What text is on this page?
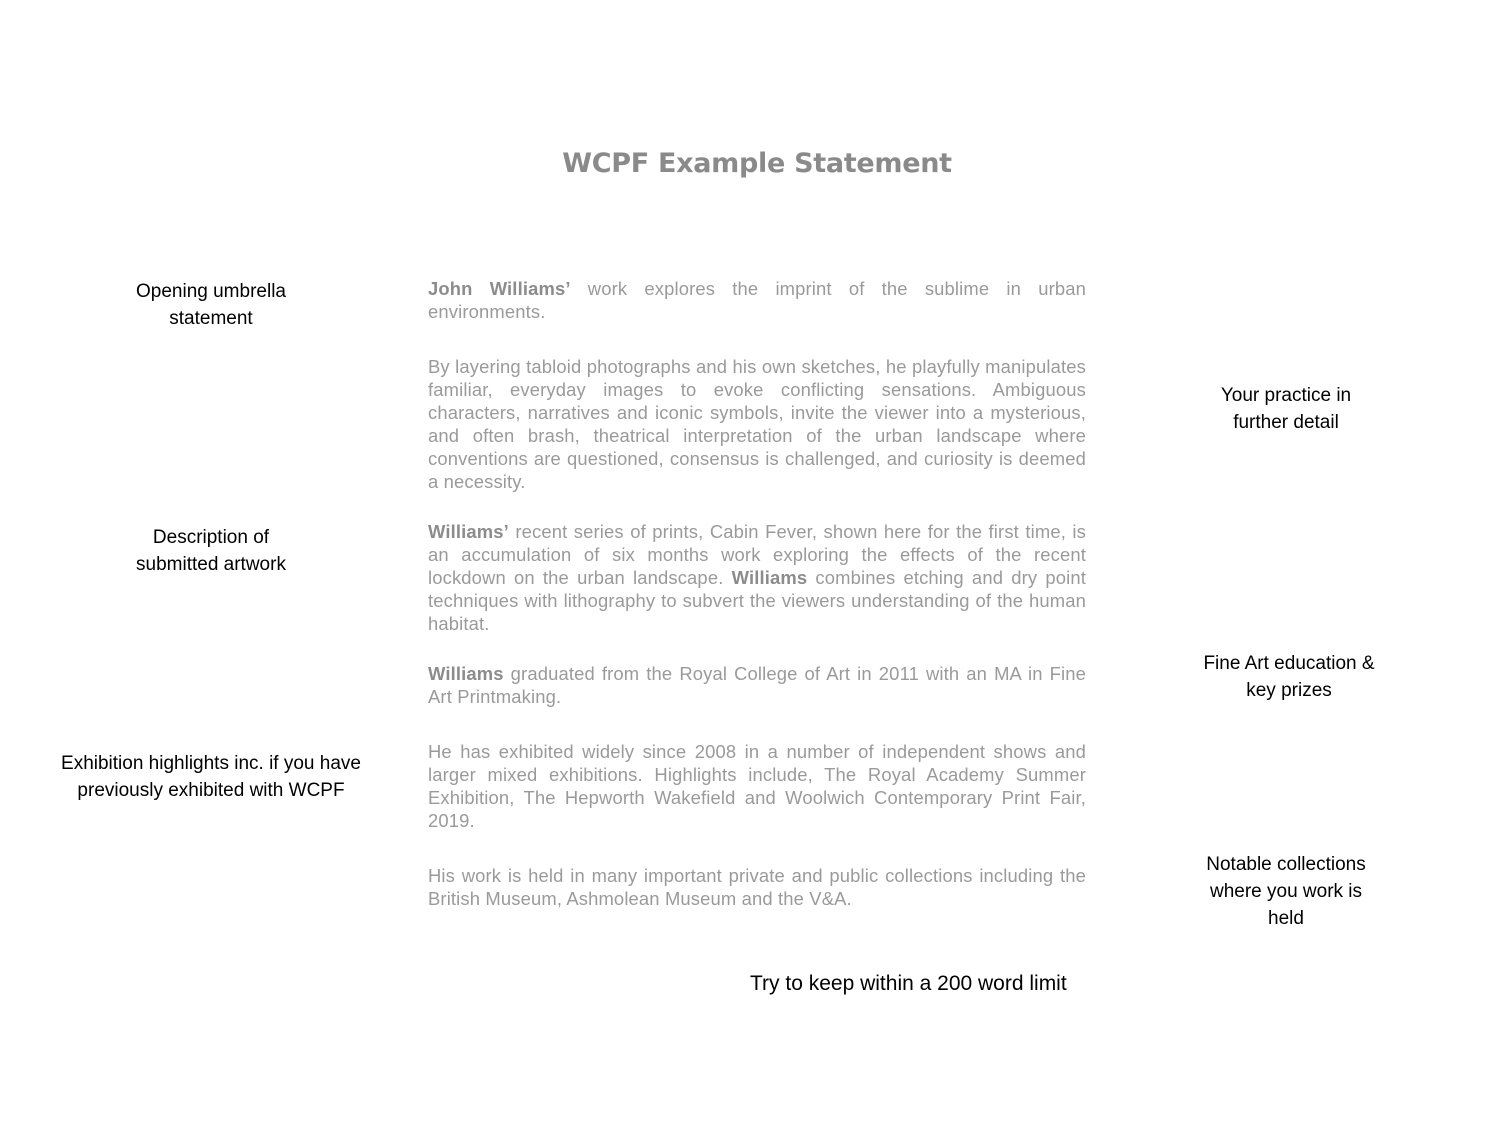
WCPF Example Statement
John Williams’ work explores the imprint of the sublime in urban environments.
By layering tabloid photographs and his own sketches, he playfully manipulates familiar, everyday images to evoke conflicting sensations. Ambiguous characters, narratives and iconic symbols, invite the viewer into a mysterious, and often brash, theatrical interpretation of the urban landscape where conventions are questioned, consensus is challenged, and curiosity is deemed a necessity.
Williams’ recent series of prints, Cabin Fever, shown here for the first time, is an accumulation of six months work exploring the effects of the recent lockdown on the urban landscape. Williams combines etching and dry point techniques with lithography to subvert the viewers understanding of the human habitat.
Williams graduated from the Royal College of Art in 2011 with an MA in Fine Art Printmaking.
He has exhibited widely since 2008 in a number of independent shows and larger mixed exhibitions. Highlights include, The Royal Academy Summer Exhibition, The Hepworth Wakefield and Woolwich Contemporary Print Fair, 2019.
His work is held in many important private and public collections including the British Museum, Ashmolean Museum and the V&A.
Opening umbrella
statement
Description of
submitted artwork
Exhibition highlights inc. if you have
previously exhibited with WCPF
Your practice in
further detail
Fine Art education &
key prizes
Notable collections
where you work is
held
Try to keep within a 200 word limit
